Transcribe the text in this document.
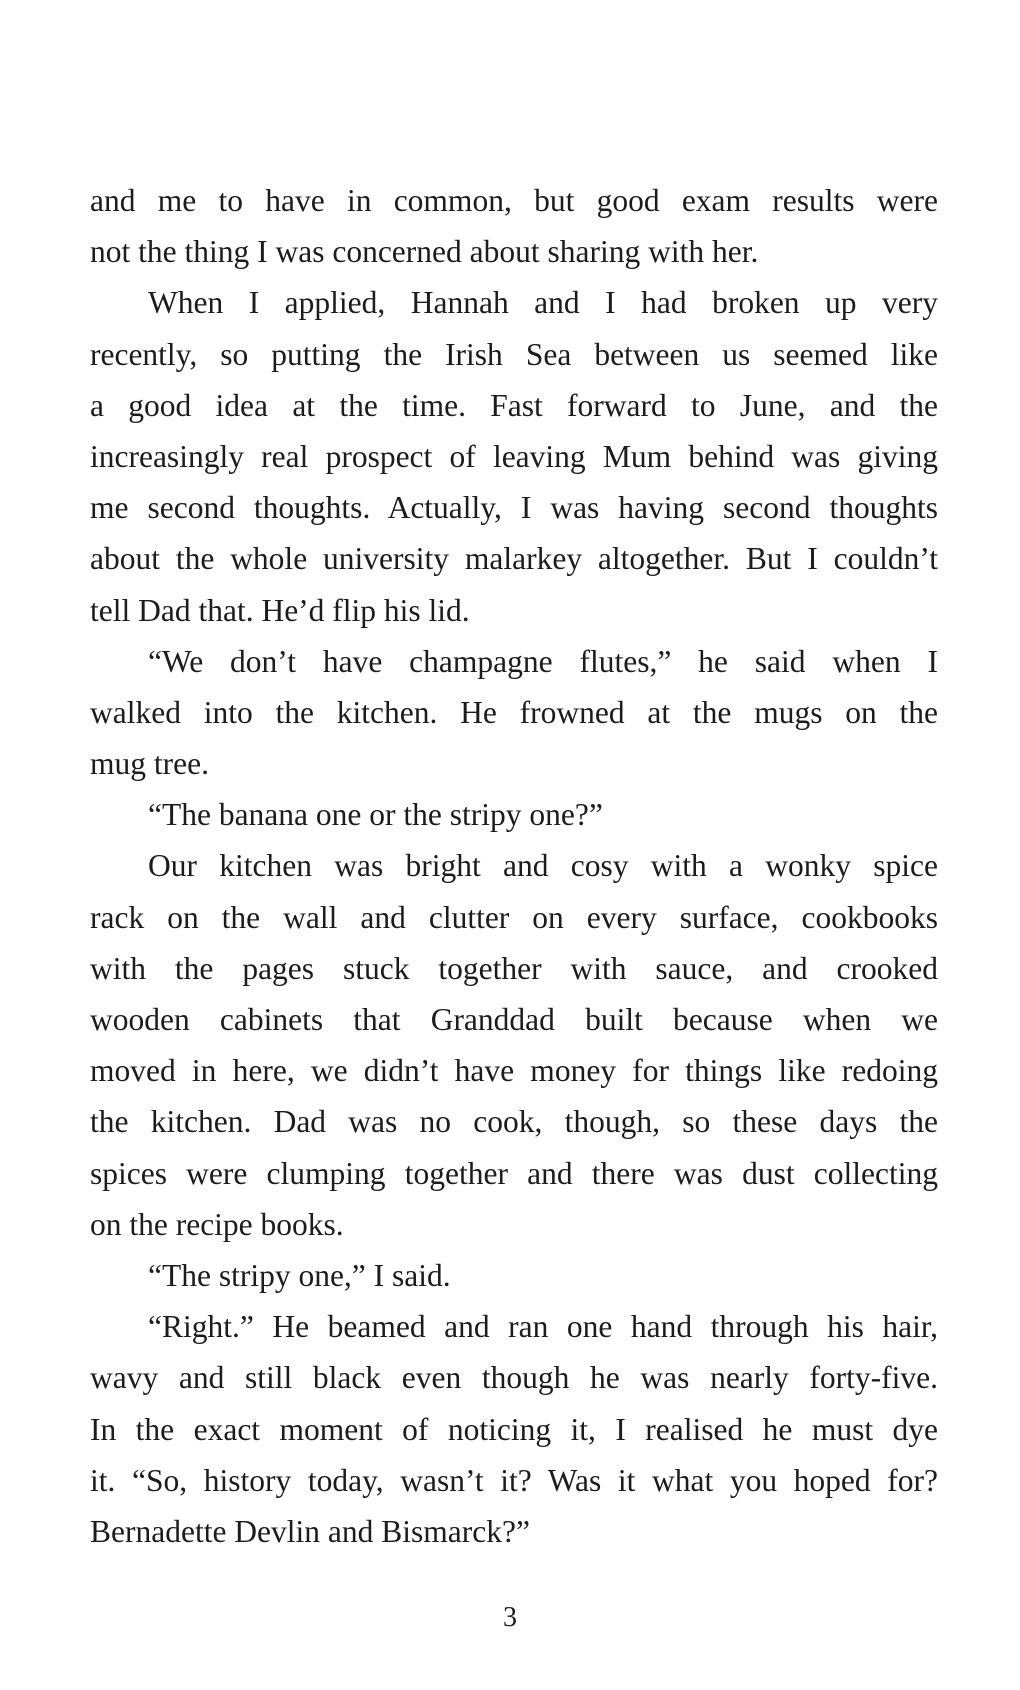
and me to have in common, but good exam results were
not the thing I was concerned about sharing with her.
When I applied, Hannah and I had broken up very
recently, so putting the Irish Sea between us seemed like
a good idea at the time. Fast forward to June, and the
increasingly real prospect of leaving Mum behind was giving
me second thoughts. Actually, I was having second thoughts
about the whole university malarkey altogether. But I couldn’t
tell Dad that. He’d flip his lid.
“We don’t have champagne flutes,” he said when I
walked into the kitchen. He frowned at the mugs on the
mug tree.
“The banana one or the stripy one?”
Our kitchen was bright and cosy with a wonky spice
rack on the wall and clutter on every surface, cookbooks
with the pages stuck together with sauce, and crooked
wooden cabinets that Granddad built because when we
moved in here, we didn’t have money for things like redoing
the kitchen. Dad was no cook, though, so these days the
spices were clumping together and there was dust collecting
on the recipe books.
“The stripy one,” I said.
“Right.” He beamed and ran one hand through his hair,
wavy and still black even though he was nearly forty-five.
In the exact moment of noticing it, I realised he must dye
it. “So, history today, wasn’t it? Was it what you hoped for?
Bernadette Devlin and Bismarck?”
3
